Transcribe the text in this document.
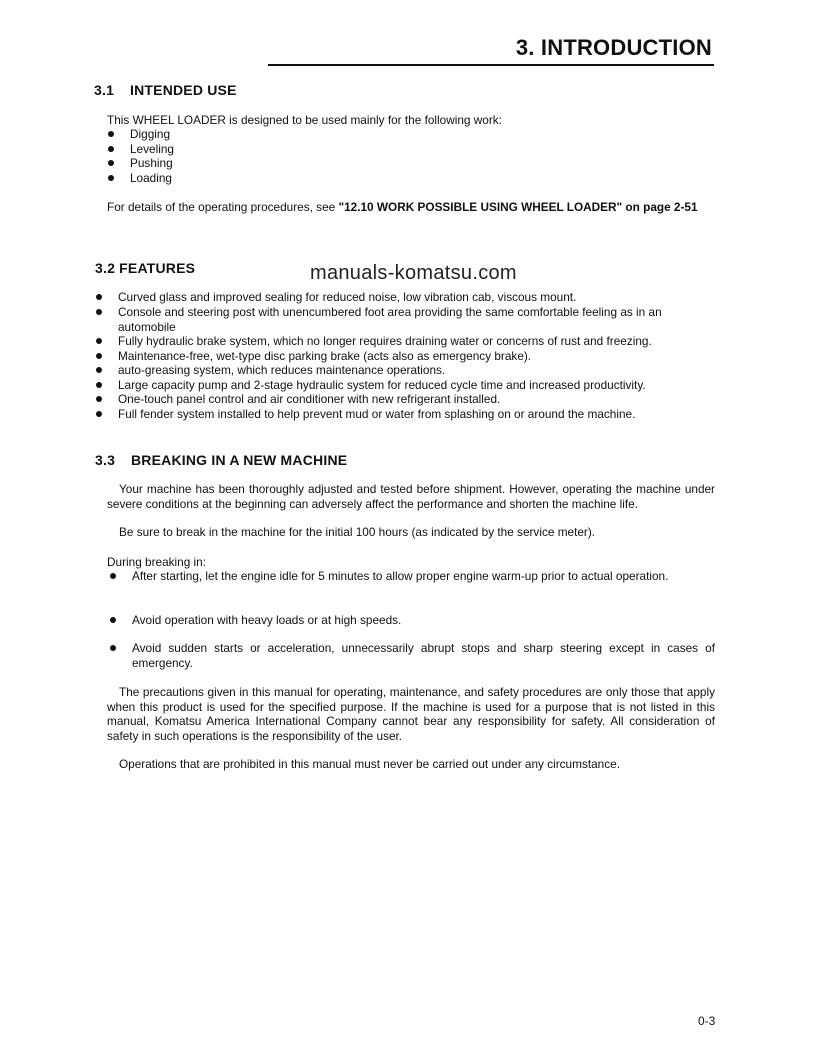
3. INTRODUCTION
3.1 INTENDED USE
This WHEEL LOADER is designed to be used mainly for the following work:
Digging
Leveling
Pushing
Loading
For details of the operating procedures, see "12.10 WORK POSSIBLE USING WHEEL LOADER" on page 2-51
3.2 FEATURES	manuals-komatsu.com
Curved glass and improved sealing for reduced noise, low vibration cab, viscous mount.
Console and steering post with unencumbered foot area providing the same comfortable feeling as in an automobile
Fully hydraulic brake system, which no longer requires draining water or concerns of rust and freezing.
Maintenance-free, wet-type disc parking brake (acts also as emergency brake).
auto-greasing system, which reduces maintenance operations.
Large capacity pump and 2-stage hydraulic system for reduced cycle time and increased productivity.
One-touch panel control and air conditioner with new refrigerant installed.
Full fender system installed to help prevent mud or water from splashing on or around the machine.
3.3 BREAKING IN A NEW MACHINE
Your machine has been thoroughly adjusted and tested before shipment. However, operating the machine under severe conditions at the beginning can adversely affect the performance and shorten the machine life.
Be sure to break in the machine for the initial 100 hours (as indicated by the service meter).
During breaking in:
After starting, let the engine idle for 5 minutes to allow proper engine warm-up prior to actual operation.
Avoid operation with heavy loads or at high speeds.
Avoid sudden starts or acceleration, unnecessarily abrupt stops and sharp steering except in cases of emergency.
The precautions given in this manual for operating, maintenance, and safety procedures are only those that apply when this product is used for the specified purpose. If the machine is used for a purpose that is not listed in this manual, Komatsu America International Company cannot bear any responsibility for safety. All consideration of safety in such operations is the responsibility of the user.
Operations that are prohibited in this manual must never be carried out under any circumstance.
0-3
